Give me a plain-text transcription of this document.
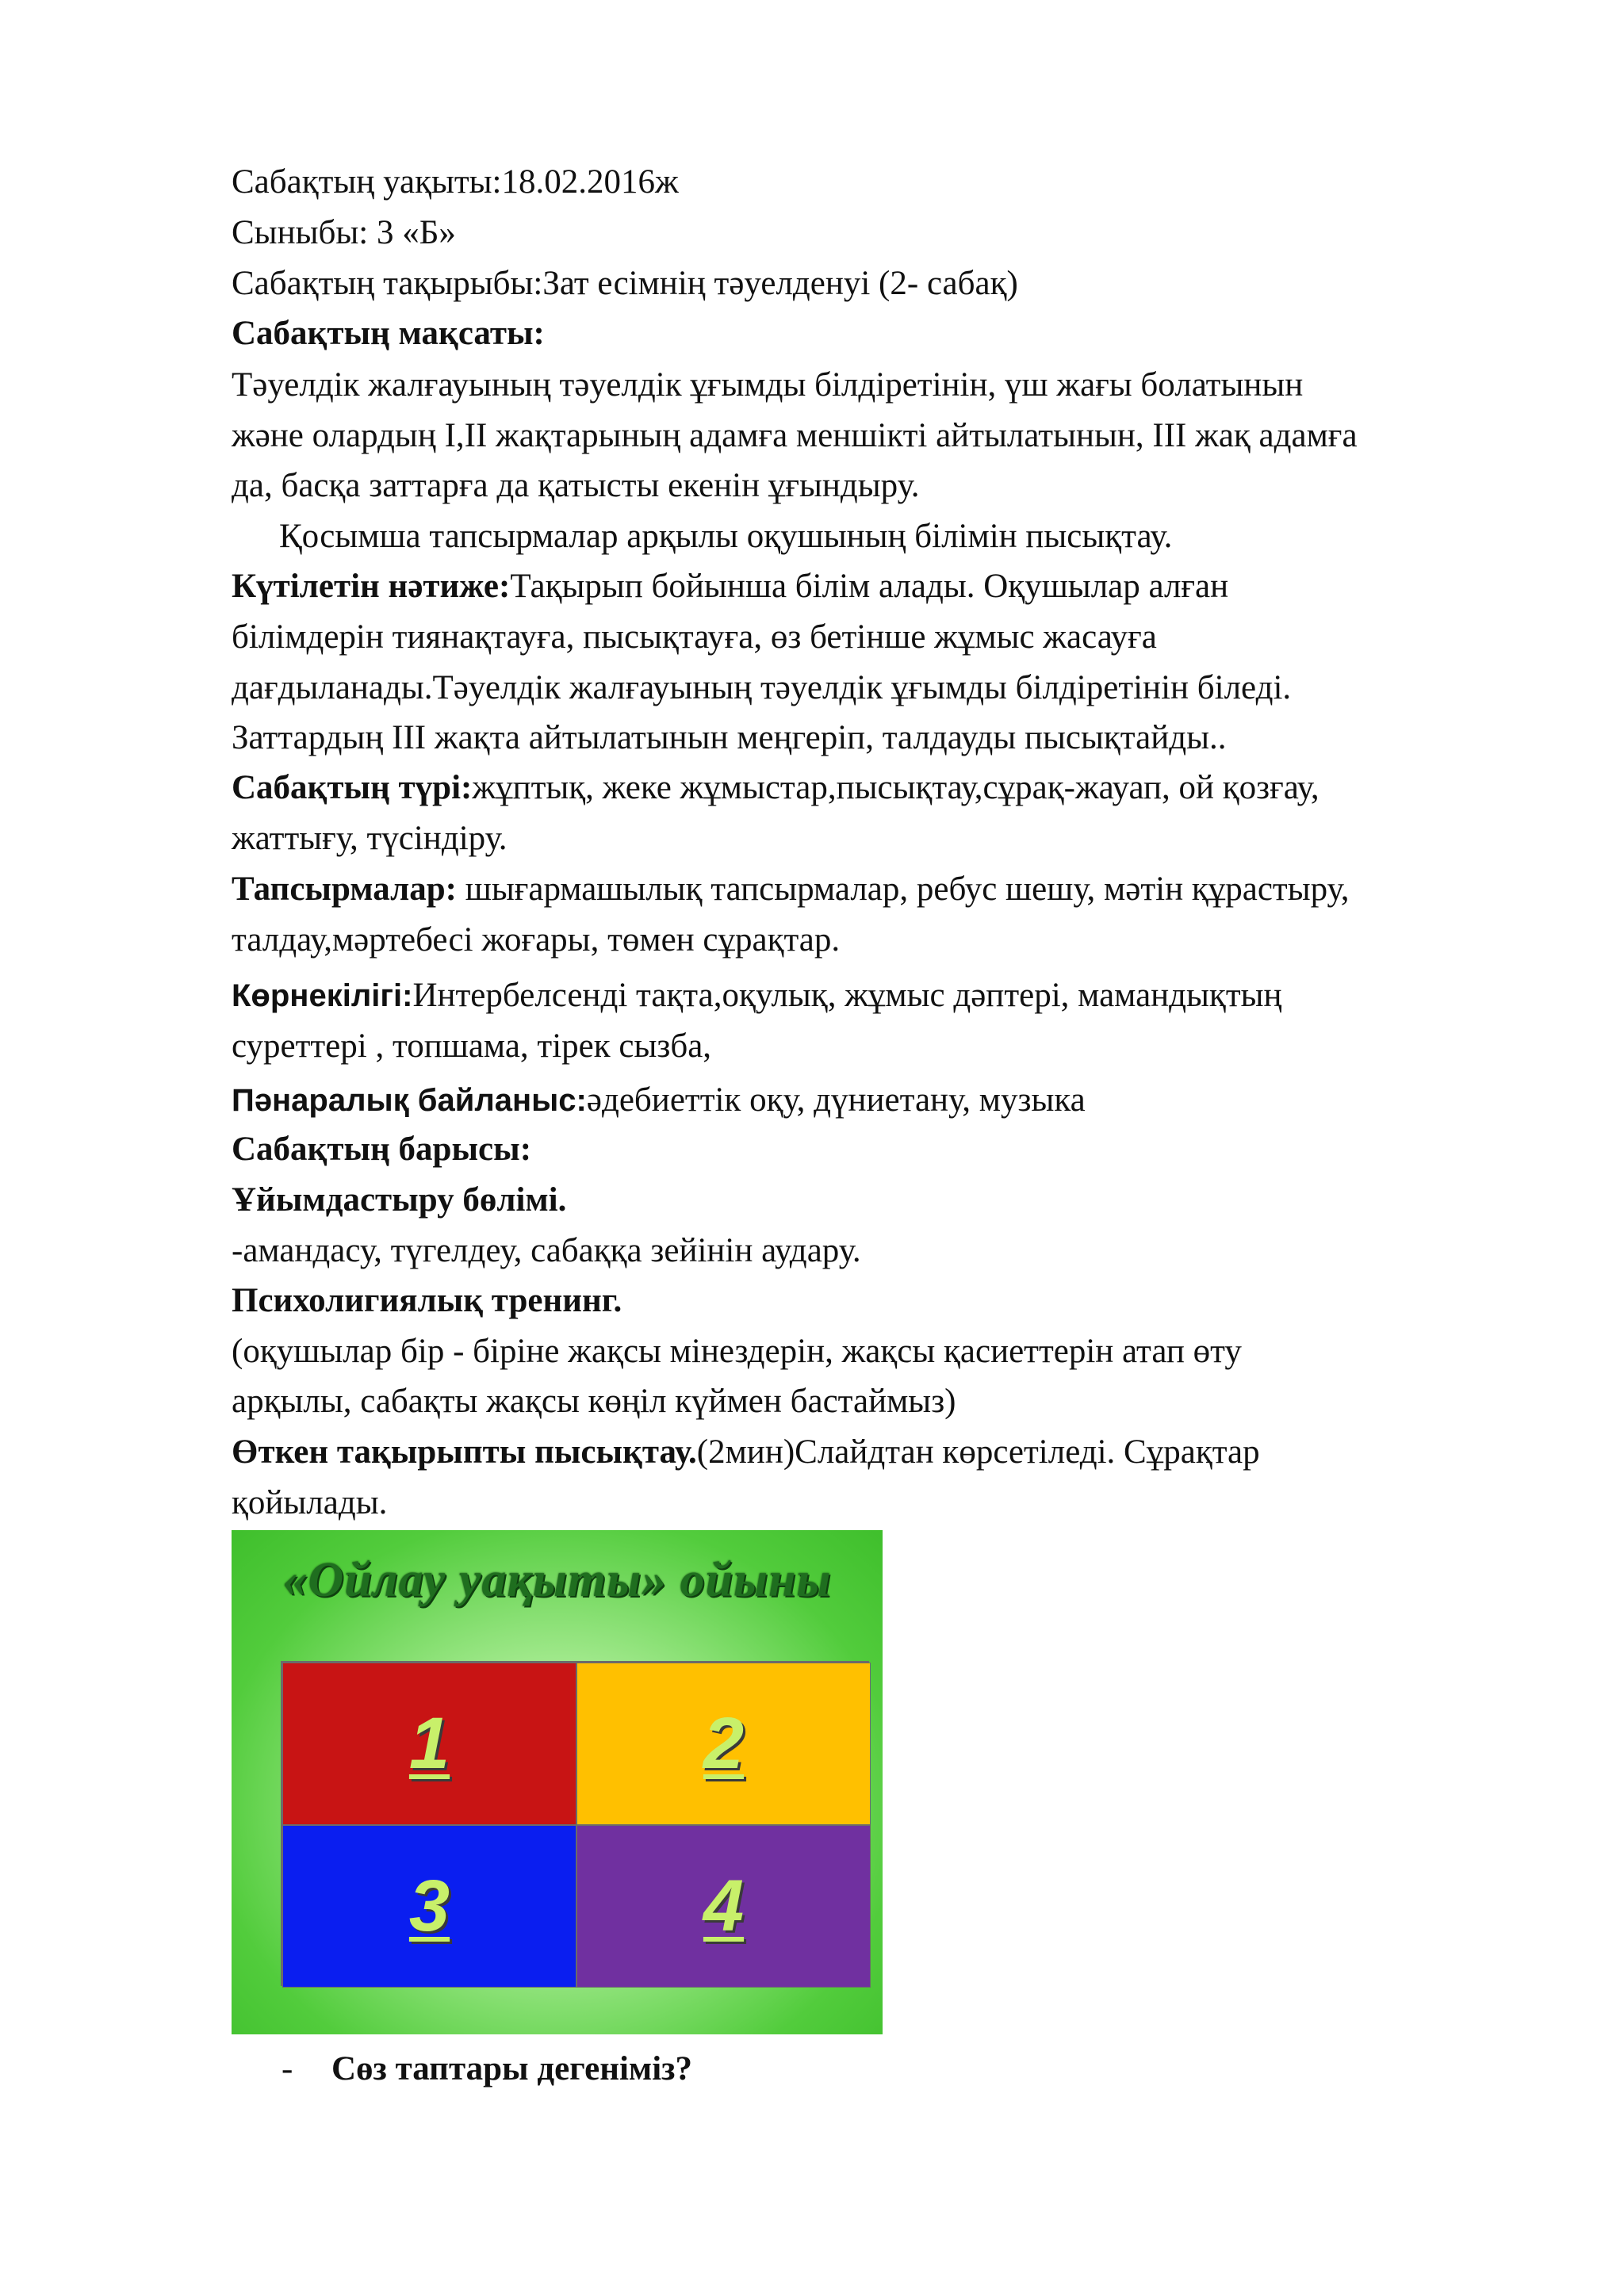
Сабақтың уақыты:18.02.2016ж
Сыныбы: 3 «Б»
Сабақтың тақырыбы:Зат есімнің тәуелденуі (2- сабақ)
Сабақтың мақсаты:
Тәуелдік жалғауының тәуелдік ұғымды білдіретінін, үш жағы болатынын
және олардың I,II жақтарының адамға меншікті айтылатынын, III жақ адамға
да, басқа заттарға да қатысты екенін ұғындыру.
Қосымша тапсырмалар арқылы оқушының білімін пысықтау.
Күтілетін нәтиже:Тақырып бойынша білім алады. Оқушылар алған
білімдерін тиянақтауға, пысықтауға, өз бетінше жұмыс жасауға
дағдыланады.Тәуелдік жалғауының тәуелдік ұғымды білдіретінін біледі.
Заттардың III жақта айтылатынын меңгеріп, талдауды пысықтайды..
Сабақтың түрі:жұптық, жеке жұмыстар,пысықтау,сұрақ-жауап, ой қозғау,
жаттығу, түсіндіру.
Тапсырмалар: шығармашылық тапсырмалар, ребус шешу, мәтін құрастыру,
талдау,мәртебесі жоғары, төмен сұрақтар.
Көрнекілігі:Интербелсенді тақта,оқулық, жұмыс дәптері, мамандықтың
суреттері , топшама, тірек сызба,
Пәнаралық байланыс:әдебиеттік оқу, дүниетану, музыка
Сабақтың барысы:
Ұйымдастыру бөлімі.
-амандасу, түгелдеу, сабаққа зейінін аудару.
Психолигиялық тренинг.
(оқушылар бір - біріне жақсы мінездерін, жақсы қасиеттерін атап өту
арқылы, сабақты жақсы көңіл күймен бастаймыз)
Өткен тақырыпты пысықтау.(2мин)Слайдтан көрсетіледі. Сұрақтар
қойылады.
«Ойлау уақыты» ойыны
1	2
3	4
- Сөз таптары дегеніміз?
